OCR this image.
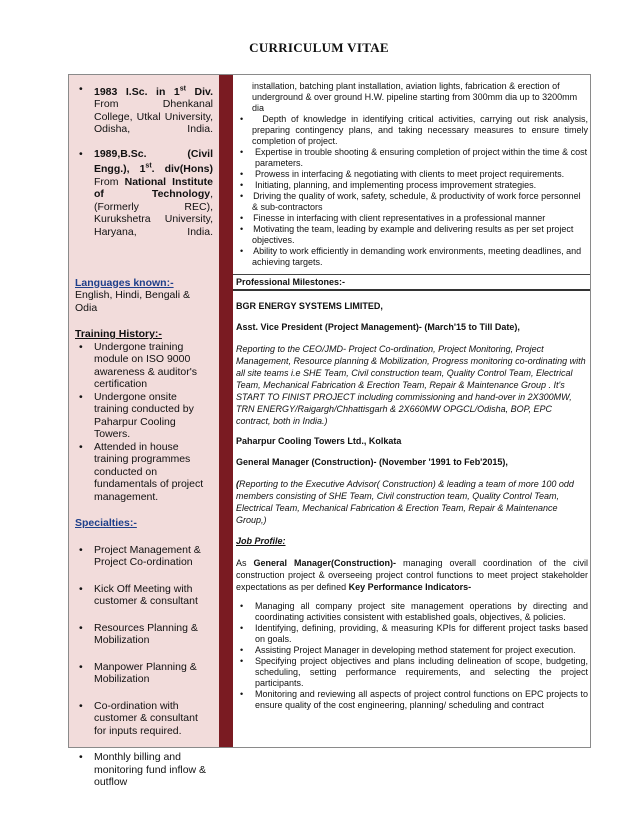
CURRICULUM VITAE
• 1983 I.Sc. in 1st Div. From Dhenkanal College, Utkal University, Odisha, India.
• 1989,B.Sc. (Civil Engg.), 1st. div(Hons) From National Institute of Technology, (Formerly REC), Kurukshetra University, Haryana, India.
Languages known:-
English, Hindi, Bengali & Odia
Training History:-
• Undergone training module on ISO 9000 awareness & auditor's certification
• Undergone onsite training conducted by Paharpur Cooling Towers.
• Attended in house training programmes conducted on fundamentals of project management.
Specialties:-
• Project Management & Project Co-ordination
• Kick Off Meeting with customer & consultant
• Resources Planning & Mobilization
• Manpower Planning & Mobilization
• Co-ordination with customer & consultant for inputs required.
• Monthly billing and monitoring fund inflow & outflow
installation, batching plant installation, aviation lights, fabrication & erection of underground & over ground H.W. pipeline starting from 300mm dia up to 3200mm dia
•    Depth of knowledge in identifying critical activities, carrying out risk analysis, preparing contingency plans, and taking necessary measures to ensure timely completion of project.
• Expertise in trouble shooting & ensuring completion of project within the time & cost parameters.
• Prowess in interfacing & negotiating with clients to meet project requirements.
• Initiating, planning, and implementing process improvement strategies.
•    Driving the quality of work, safety, schedule, & productivity of work force personnel & sub-contractors
•    Finesse in interfacing with client representatives in a professional manner
•    Motivating the team, leading by example and delivering results as per set project objectives.
•    Ability to work efficiently in demanding work environments, meeting deadlines, and achieving targets.
Professional Milestones:-
BGR ENERGY SYSTEMS LIMITED,
Asst. Vice President (Project Management)- (March'15 to Till Date),
Reporting to the CEO/JMD- Project Co-ordination, Project Monitoring, Project Management, Resource planning & Mobilization, Progress monitoring co-ordinating with all site teams i.e SHE Team, Civil construction team, Quality Control Team, Electrical Team, Mechanical Fabrication & Erection Team, Repair & Maintenance Group . It's START TO FINIST PROJECT including commissioning and hand-over in 2X300MW, TRN ENERGY/Raigargh/Chhattisgarh & 2X660MW OPGCL/Odisha, BOP, EPC contract, both in India.)
Paharpur Cooling Towers Ltd., Kolkata
General Manager (Construction)- (November '1991 to Feb'2015),
(Reporting to the Executive Advisor( Construction) & leading a team of more 100 odd members consisting of SHE Team, Civil construction team, Quality Control Team, Electrical Team, Mechanical Fabrication & Erection Team, Repair & Maintenance Group,)
Job Profile:
As General Manager(Construction)- managing overall coordination of the civil construction project & overseeing project control functions to meet project stakeholder expectations as per defined Key Performance Indicators-
• Managing all company project site management operations by directing and coordinating activities consistent with established goals, objectives, & policies.
• Identifying, defining, providing, & measuring KPIs for different project tasks based on goals.
• Assisting Project Manager in developing method statement for project execution.
• Specifying project objectives and plans including delineation of scope, budgeting, scheduling, setting performance requirements, and selecting the project participants.
• Monitoring and reviewing all aspects of project control functions on EPC projects to ensure quality of the cost engineering, planning/ scheduling and contract
